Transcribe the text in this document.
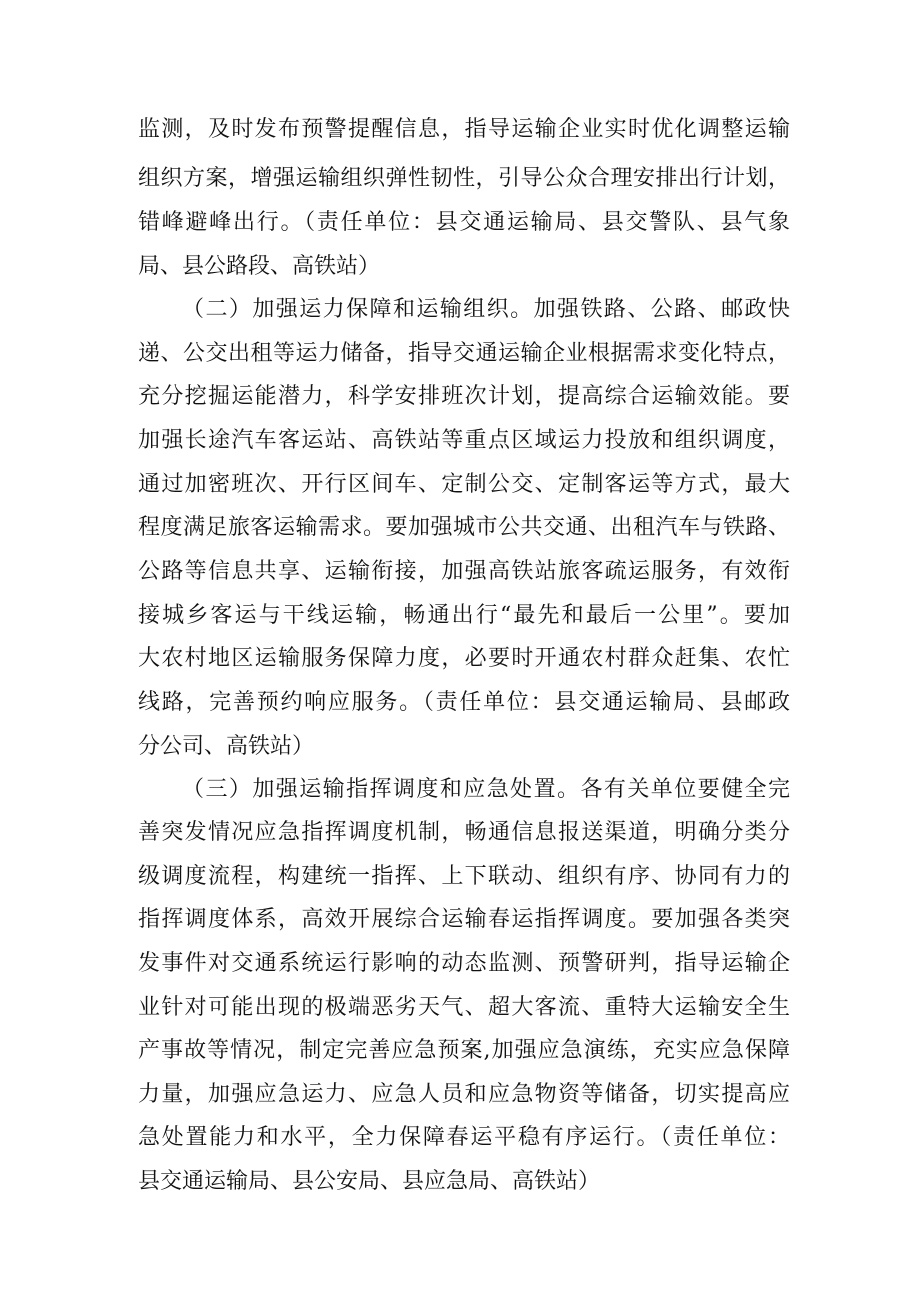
监测，及时发布预警提醒信息，指导运输企业实时优化调整运输

组织方案，增强运输组织弹性韧性，引导公众合理安排出行计划，

错峰避峰出行。（责任单位：县交通运输局、县交警队、县气象

局、县公路段、高铁站）

（二）加强运力保障和运输组织。加强铁路、公路、邮政快

递、公交出租等运力储备，指导交通运输企业根据需求变化特点，

充分挖掘运能潜力，科学安排班次计划，提高综合运输效能。要

加强长途汽车客运站、高铁站等重点区域运力投放和组织调度，

通过加密班次、开行区间车、定制公交、定制客运等方式，最大

程度满足旅客运输需求。要加强城市公共交通、出租汽车与铁路、

公路等信息共享、运输衔接，加强高铁站旅客疏运服务，有效衔

接城乡客运与干线运输，畅通出行“最先和最后一公里”。要加

大农村地区运输服务保障力度，必要时开通农村群众赶集、农忙

线路，完善预约响应服务。（责任单位：县交通运输局、县邮政

分公司、高铁站）

（三）加强运输指挥调度和应急处置。各有关单位要健全完

善突发情况应急指挥调度机制，畅通信息报送渠道，明确分类分

级调度流程，构建统一指挥、上下联动、组织有序、协同有力的

指挥调度体系，高效开展综合运输春运指挥调度。要加强各类突

发事件对交通系统运行影响的动态监测、预警研判，指导运输企

业针对可能出现的极端恶劣天气、超大客流、重特大运输安全生

产事故等情况，制定完善应急预案,加强应急演练，充实应急保障

力量，加强应急运力、应急人员和应急物资等储备，切实提高应

急处置能力和水平，全力保障春运平稳有序运行。（责任单位：

县交通运输局、县公安局、县应急局、高铁站）
